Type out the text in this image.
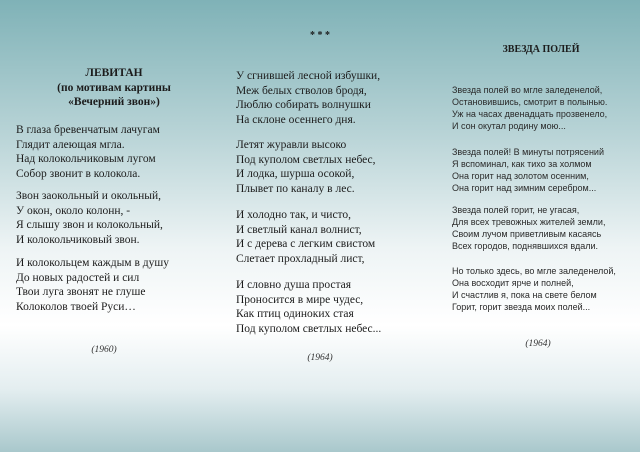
* * *
ЛЕВИТАН
(по мотивам картины
«Вечерний звон»)
В глаза бревенчатым лачугам
Глядит алеющая мгла.
Над колокольчиковым лугом
Собор звонит в колокола.
Звон заокольный и окольный,
У окон, около колонн, -
Я слышу звон и колокольный,
И колокольчиковый звон.
И колокольцем каждым в душу
До новых радостей и сил
Твои луга звонят не глуше
Колоколов твоей Руси…
(1960)
У сгнившей лесной избушки,
Меж белых стволов бродя,
Люблю собирать волнушки
На склоне осеннего дня.
Летят журавли высоко
Под куполом светлых небес,
И лодка, шурша осокой,
Плывет по каналу в лес.
И холодно так, и чисто,
И светлый канал волнист,
И с дерева с легким свистом
Слетает прохладный лист,
И словно душа простая
Проносится в мире чудес,
Как птиц одиноких стая
Под куполом светлых небес...
(1964)
ЗВЕЗДА ПОЛЕЙ
Звезда полей во мгле заледенелой,
Остановившись, смотрит в полынью.
Уж на часах двенадцать прозвенело,
И сон окутал родину мою...
Звезда полей! В минуты потрясений
Я вспоминал, как тихо за холмом
Она горит над золотом осенним,
Она горит над зимним серебром...
Звезда полей горит, не угасая,
Для всех тревожных жителей земли,
Своим лучом приветливым касаясь
Всех городов, поднявшихся вдали.
Но только здесь, во мгле заледенелой,
Она восходит ярче и полней,
И счастлив я, пока на свете белом
Горит, горит звезда моих полей...
(1964)
